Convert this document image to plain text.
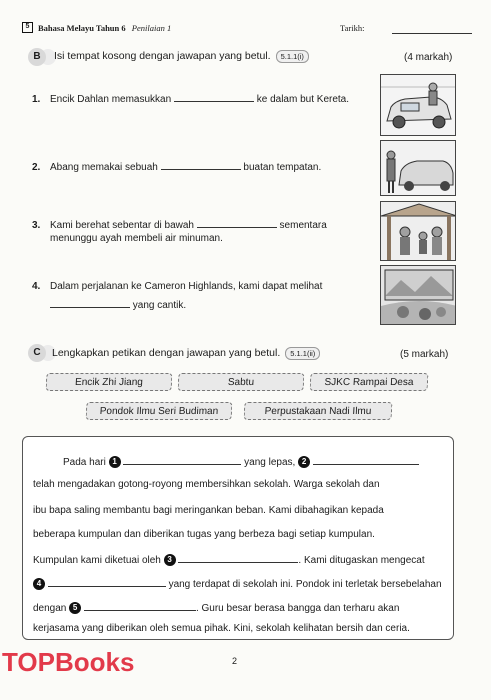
5	Bahasa Melayu Tahun 6 Penilaian 1	Tarikh:
B	Isi tempat kosong dengan jawapan yang betul. 5.1.1(i)	(4 markah)
1. Encik Dahlan memasukkan	ke dalam but Kereta.
2. Abang memakai sebuah	buatan tempatan.
3. Kami berehat sebentar di bawah	sementara
menunggu ayah membeli air minuman.
4. Dalam perjalanan ke Cameron Highlands, kami dapat melihat
yang cantik.
C	Lengkapkan petikan dengan jawapan yang betul. 5.1.1(ii)	(5 markah)
Encik Zhi Jiang	Sabtu	SJKC Rampai Desa
Pondok Ilmu Seri Budiman	Perpustakaan Nadi Ilmu
Pada hari 1	yang lepas, 2
telah mengadakan gotong-royong membersihkan sekolah. Warga sekolah dan
ibu bapa saling membantu bagi meringankan beban. Kami dibahagikan kepada
beberapa kumpulan dan diberikan tugas yang berbeza bagi setiap kumpulan.
Kumpulan kami diketuai oleh 3	. Kami ditugaskan mengecat
4	yang terdapat di sekolah ini. Pondok ini terletak bersebelahan
dengan 5	. Guru besar berasa bangga dan terharu akan
kerjasama yang diberikan oleh semua pihak. Kini, sekolah kelihatan bersih dan ceria.
TOPBooks	2
